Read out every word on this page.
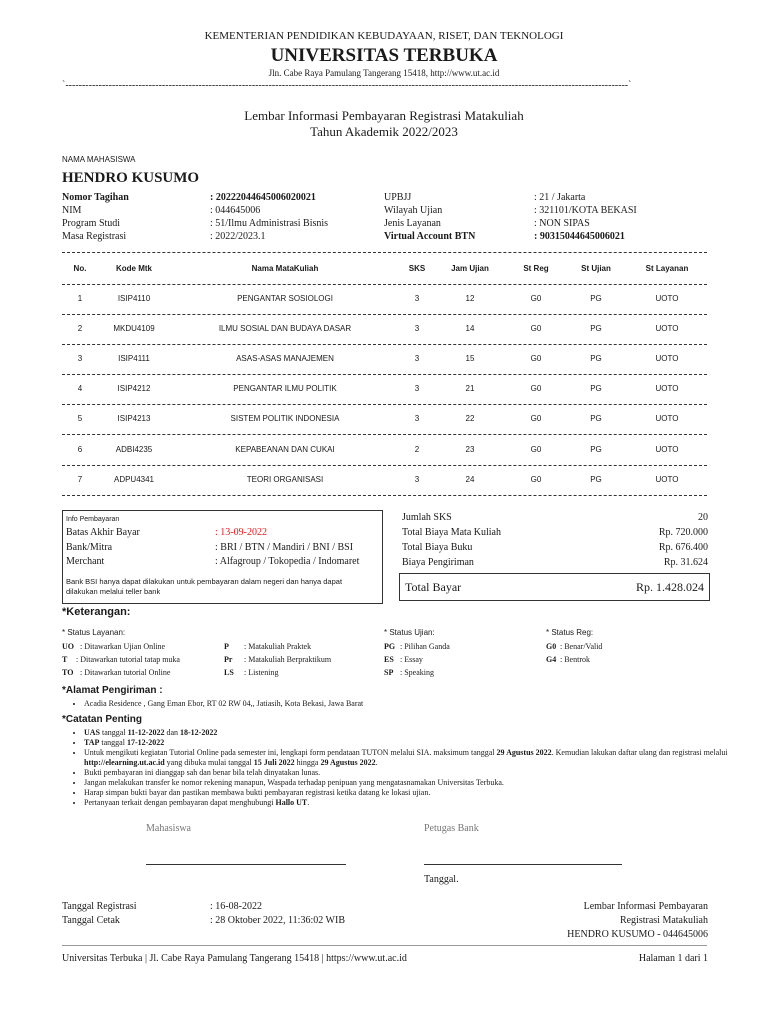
KEMENTERIAN PENDIDIKAN KEBUDAYAAN, RISET, DAN TEKNOLOGI
UNIVERSITAS TERBUKA
Jln. Cabe Raya Pamulang Tangerang 15418, http://www.ut.ac.id
`-------------------------------------------------------------------------------------------------------------------------------------------------------------------------`
Lembar Informasi Pembayaran Registrasi Matakuliah
Tahun Akademik 2022/2023
NAMA MAHASISWA
HENDRO KUSUMO
Nomor Tagihan	: 20222044645006020021
NIM	: 044645006
Program Studi	: 51/Ilmu Administrasi Bisnis
Masa Registrasi	: 2022/2023.1
UPBJJ	: 21 / Jakarta
Wilayah Ujian	: 321101/KOTA BEKASI
Jenis Layanan	: NON SIPAS
Virtual Account BTN	: 90315044645006021
No.	Kode Mtk	Nama MataKuliah	SKS	Jam Ujian	St Reg	St Ujian	St Layanan
1	ISIP4110	PENGANTAR SOSIOLOGI	3	12	G0	PG	UOTO
2	MKDU4109	ILMU SOSIAL DAN BUDAYA DASAR	3	14	G0	PG	UOTO
3	ISIP4111	ASAS-ASAS MANAJEMEN	3	15	G0	PG	UOTO
4	ISIP4212	PENGANTAR ILMU POLITIK	3	21	G0	PG	UOTO
5	ISIP4213	SISTEM POLITIK INDONESIA	3	22	G0	PG	UOTO
6	ADBI4235	KEPABEANAN DAN CUKAI	2	23	G0	PG	UOTO
7	ADPU4341	TEORI ORGANISASI	3	24	G0	PG	UOTO
Info Pembayaran
Batas Akhir Bayar	: 13-09-2022
Bank/Mitra	: BRI / BTN / Mandiri / BNI / BSI
Merchant	: Alfagroup / Tokopedia / Indomaret
Bank BSI hanya dapat dilakukan untuk pembayaran dalam negeri dan hanya dapat dilakukan melalui teller bank
Jumlah SKS	20
Total Biaya Mata Kuliah	Rp. 720.000
Total Biaya Buku	Rp. 676.400
Biaya Pengiriman	Rp. 31.624
Total Bayar	Rp. 1.428.024
*Keterangan:
* Status Layanan:
UO : Ditawarkan Ujian Online
T : Ditawarkan tutorial tatap muka
TO : Ditawarkan tutorial Online
P : Matakuliah Praktek
Pr : Matakuliah Berpraktikum
LS : Listening
* Status Ujian:
PG : Pilihan Ganda
ES : Essay
SP : Speaking
* Status Reg:
G0 : Benar/Valid
G4 : Bentrok
*Alamat Pengiriman :
• Acadia Residence , Gang Eman Ebor, RT 02 RW 04,, Jatiasih, Kota Bekasi, Jawa Barat
*Catatan Penting
• UAS tanggal 11-12-2022 dan 18-12-2022
• TAP tanggal 17-12-2022
• Untuk mengikuti kegiatan Tutorial Online pada semester ini, lengkapi form pendataan TUTON melalui SIA. maksimum tanggal 29 Agustus 2022. Kemudian lakukan daftar ulang dan registrasi melalui http://elearning.ut.ac.id yang dibuka mulai tanggal 15 Juli 2022 hingga 29 Agustus 2022.
• Bukti pembayaran ini dianggap sah dan benar bila telah dinyatakan lunas.
• Jangan melakukan transfer ke nomor rekening manapun, Waspada terhadap penipuan yang mengatasnamakan Universitas Terbuka.
• Harap simpan bukti bayar dan pastikan membawa bukti pembayaran registrasi ketika datang ke lokasi ujian.
• Pertanyaan terkait dengan pembayaran dapat menghubungi Hallo UT.
Mahasiswa	Petugas Bank
Tanggal.
Tanggal Registrasi	: 16-08-2022
Tanggal Cetak	: 28 Oktober 2022, 11:36:02 WIB
Lembar Informasi Pembayaran
Registrasi Matakuliah
HENDRO KUSUMO - 044645006
Universitas Terbuka | Jl. Cabe Raya Pamulang Tangerang 15418 | https://www.ut.ac.id	Halaman 1 dari 1
